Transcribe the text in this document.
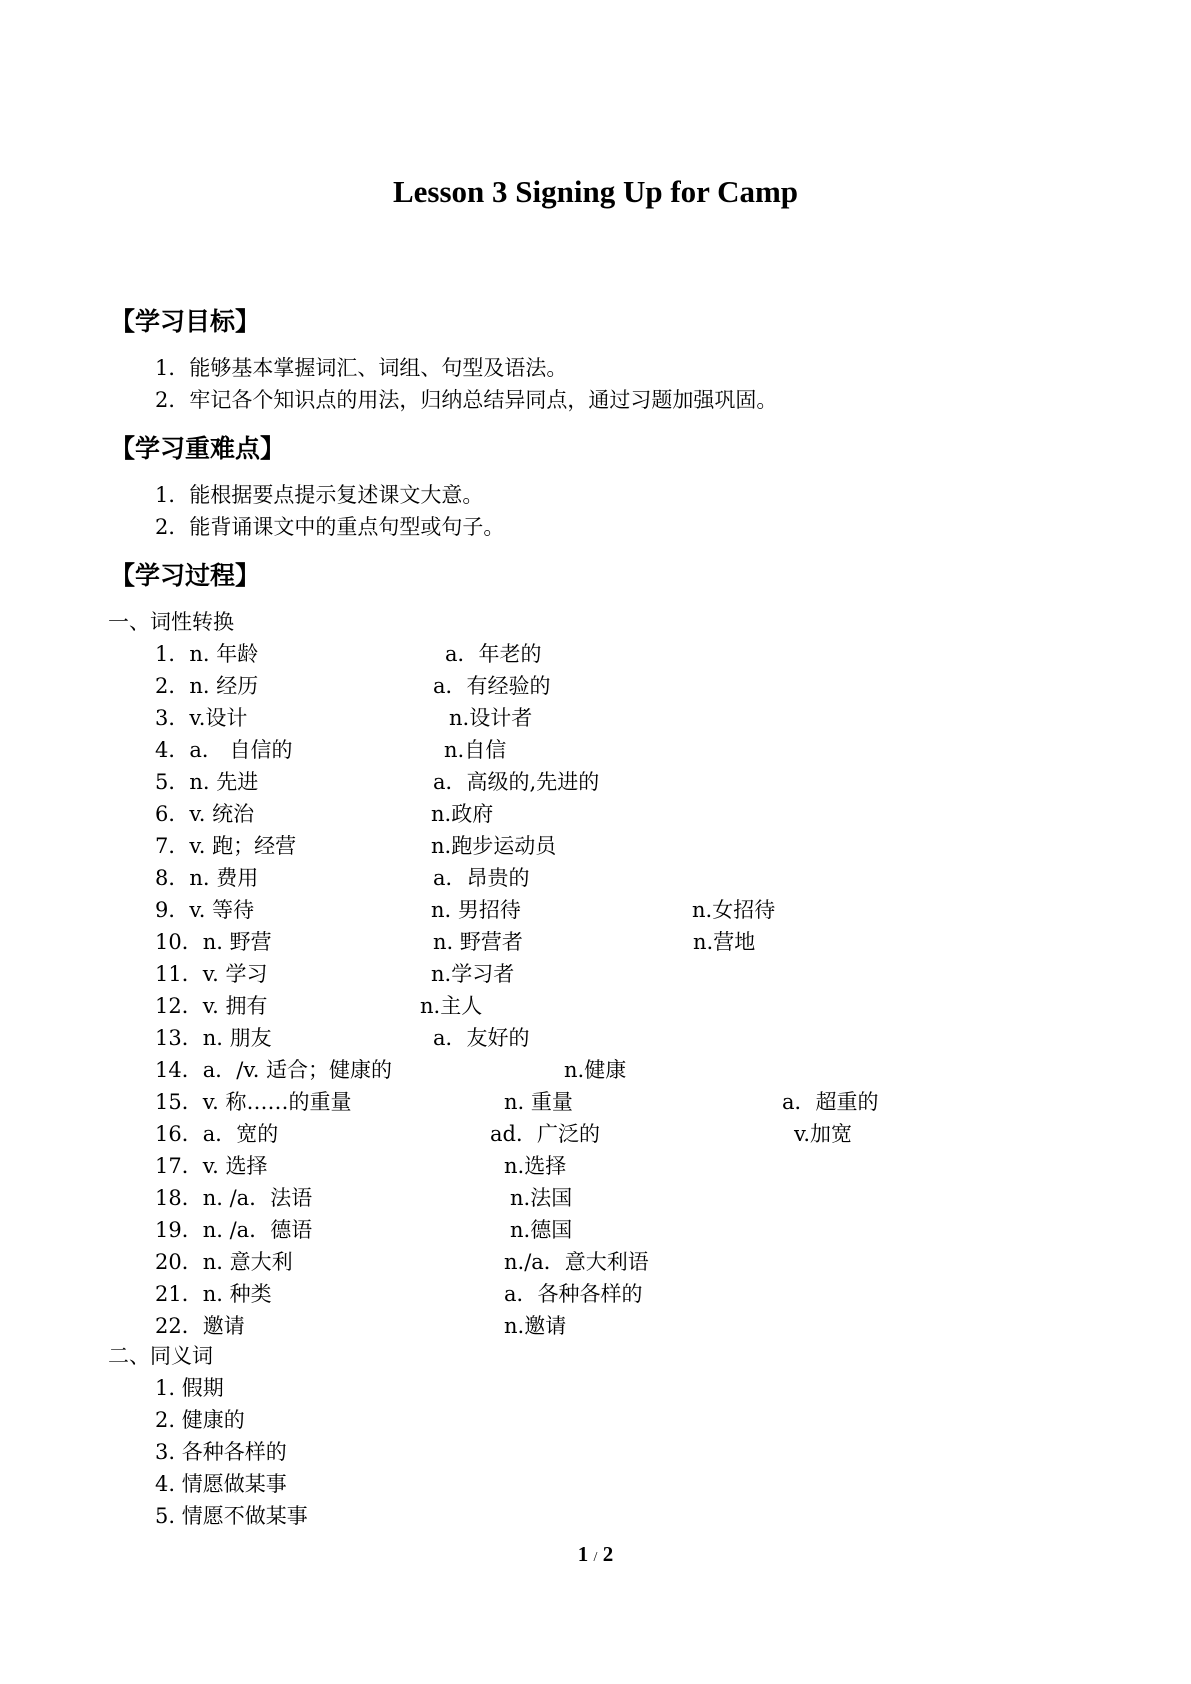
Lesson 3 Signing Up for Camp
【学习目标】
1．能够基本掌握词汇、词组、句型及语法。
2．牢记各个知识点的用法，归纳总结异同点，通过习题加强巩固。
【学习重难点】
1．能根据要点提示复述课文大意。
2．能背诵课文中的重点句型或句子。
【学习过程】
一、词性转换
1．n. 年龄	a．年老的
2．n. 经历	a．有经验的
3．v.设计	n.设计者
4．a． 自信的	n.自信
5．n. 先进	a．高级的,先进的
6．v. 统治	n.政府
7．v. 跑；经营	n.跑步运动员
8．n. 费用	a．昂贵的
9．v. 等待	n. 男招待	n.女招待
10．n. 野营	n. 野营者	n.营地
11．v. 学习	n.学习者
12．v. 拥有	n.主人
13．n. 朋友	a．友好的
14．a．/v. 适合；健康的	n.健康
15．v. 称……的重量	n. 重量	a．超重的
16．a．宽的	ad．广泛的	v.加宽
17．v. 选择	n.选择
18．n. /a．法语	n.法国
19．n. /a．德语	n.德国
20．n. 意大利	n./a．意大利语
21．n. 种类	a．各种各样的
22．邀请	n.邀请
二、同义词
1. 假期
2. 健康的
3. 各种各样的
4. 情愿做某事
5. 情愿不做某事
1 / 2
